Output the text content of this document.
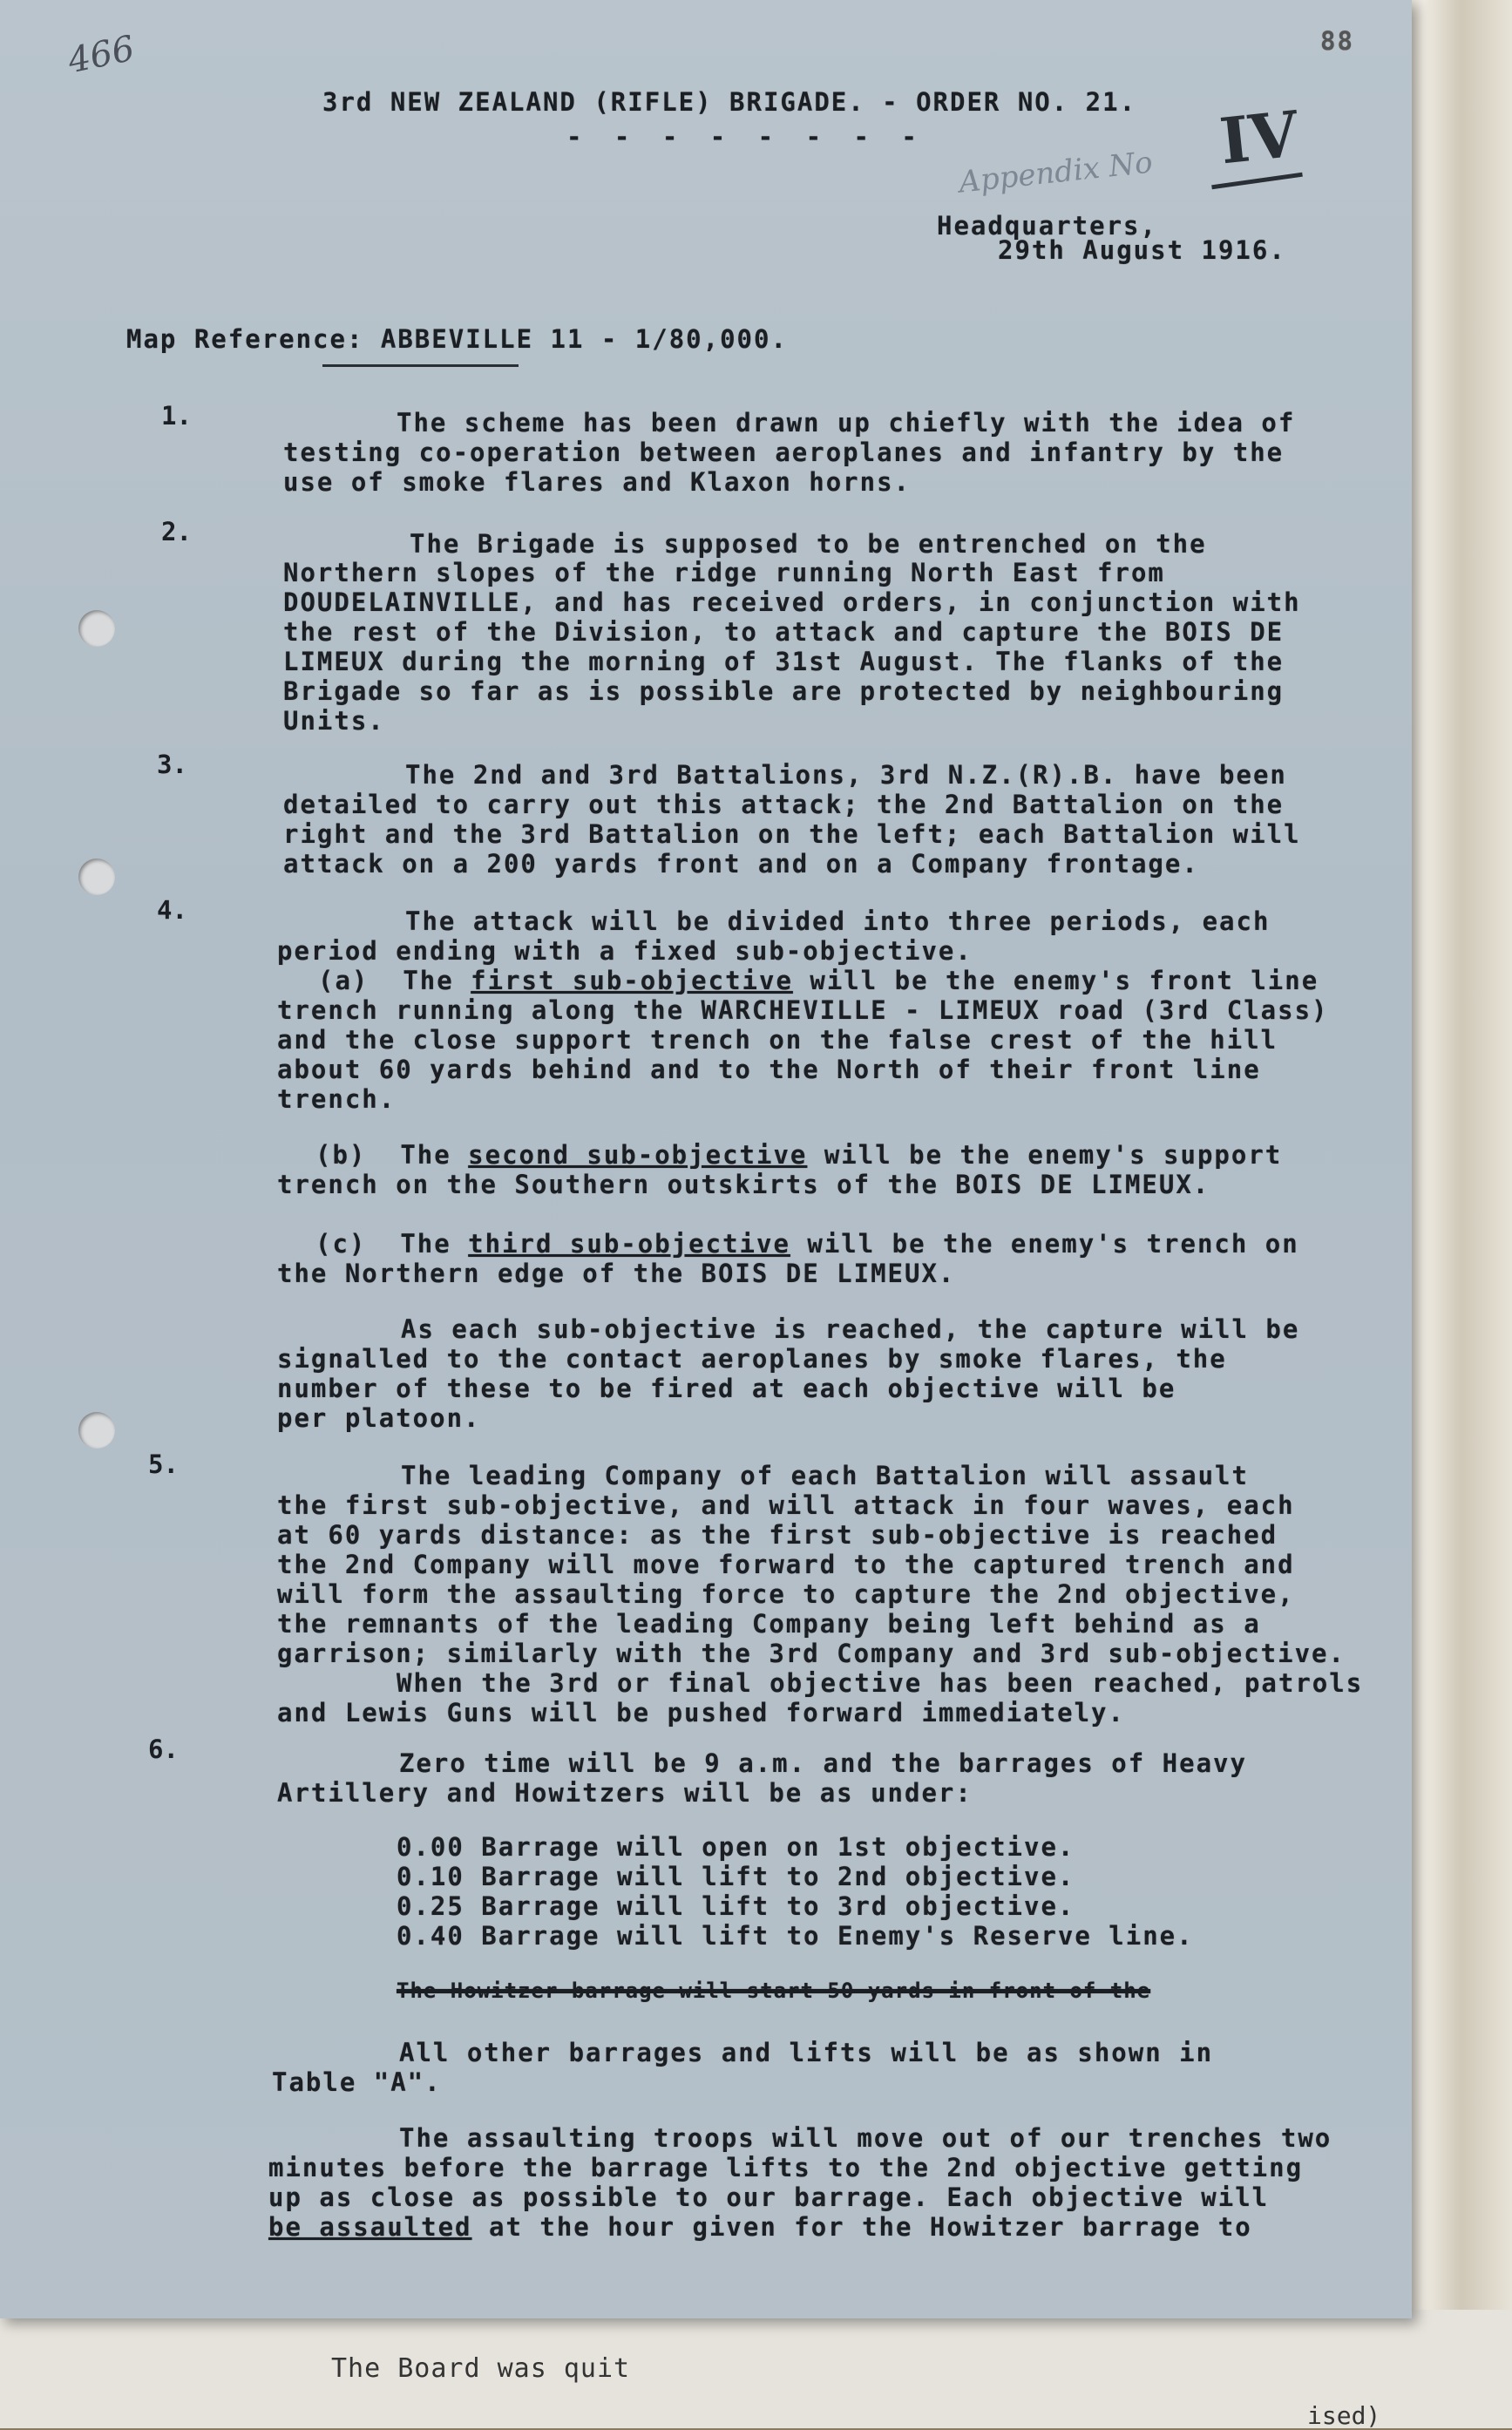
The Board was quit
ised)
466	88
3rd NEW ZEALAND (RIFLE) BRIGADE. - ORDER NO. 21.
- - - - - - - -
Appendix No IV
Headquarters,
29th August 1916.
Map Reference: ABBEVILLE 11 - 1/80,000.
1.	The scheme has been drawn up chiefly with the idea of
testing co-operation between aeroplanes and infantry by the
use of smoke flares and Klaxon horns.
2.	The Brigade is supposed to be entrenched on the
Northern slopes of the ridge running North East from
DOUDELAINVILLE, and has received orders, in conjunction with
the rest of the Division, to attack and capture the BOIS DE
LIMEUX during the morning of 31st August. The flanks of the
Brigade so far as is possible are protected by neighbouring
Units.
3.	The 2nd and 3rd Battalions, 3rd N.Z.(R).B. have been
detailed to carry out this attack; the 2nd Battalion on the
right and the 3rd Battalion on the left; each Battalion will
attack on a 200 yards front and on a Company frontage.
4.	The attack will be divided into three periods, each
period ending with a fixed sub-objective.
(a) The first sub-objective will be the enemy's front line
trench running along the WARCHEVILLE - LIMEUX road (3rd Class)
and the close support trench on the false crest of the hill
about 60 yards behind and to the North of their front line
trench.
(b) The second sub-objective will be the enemy's support
trench on the Southern outskirts of the BOIS DE LIMEUX.
(c) The third sub-objective will be the enemy's trench on
the Northern edge of the BOIS DE LIMEUX.
As each sub-objective is reached, the capture will be
signalled to the contact aeroplanes by smoke flares, the
number of these to be fired at each objective will be
per platoon.
5.	The leading Company of each Battalion will assault
the first sub-objective, and will attack in four waves, each
at 60 yards distance: as the first sub-objective is reached
the 2nd Company will move forward to the captured trench and
will form the assaulting force to capture the 2nd objective,
the remnants of the leading Company being left behind as a
garrison; similarly with the 3rd Company and 3rd sub-objective.
When the 3rd or final objective has been reached, patrols
and Lewis Guns will be pushed forward immediately.
6.	Zero time will be 9 a.m. and the barrages of Heavy
Artillery and Howitzers will be as under:
0.00 Barrage will open on 1st objective.
0.10 Barrage will lift to 2nd objective.
0.25 Barrage will lift to 3rd objective.
0.40 Barrage will lift to Enemy's Reserve line.
The Howitzer barrage will start 50 yards in front of the
All other barrages and lifts will be as shown in
Table "A".
The assaulting troops will move out of our trenches two
minutes before the barrage lifts to the 2nd objective getting
up as close as possible to our barrage. Each objective will
be assaulted at the hour given for the Howitzer barrage to
